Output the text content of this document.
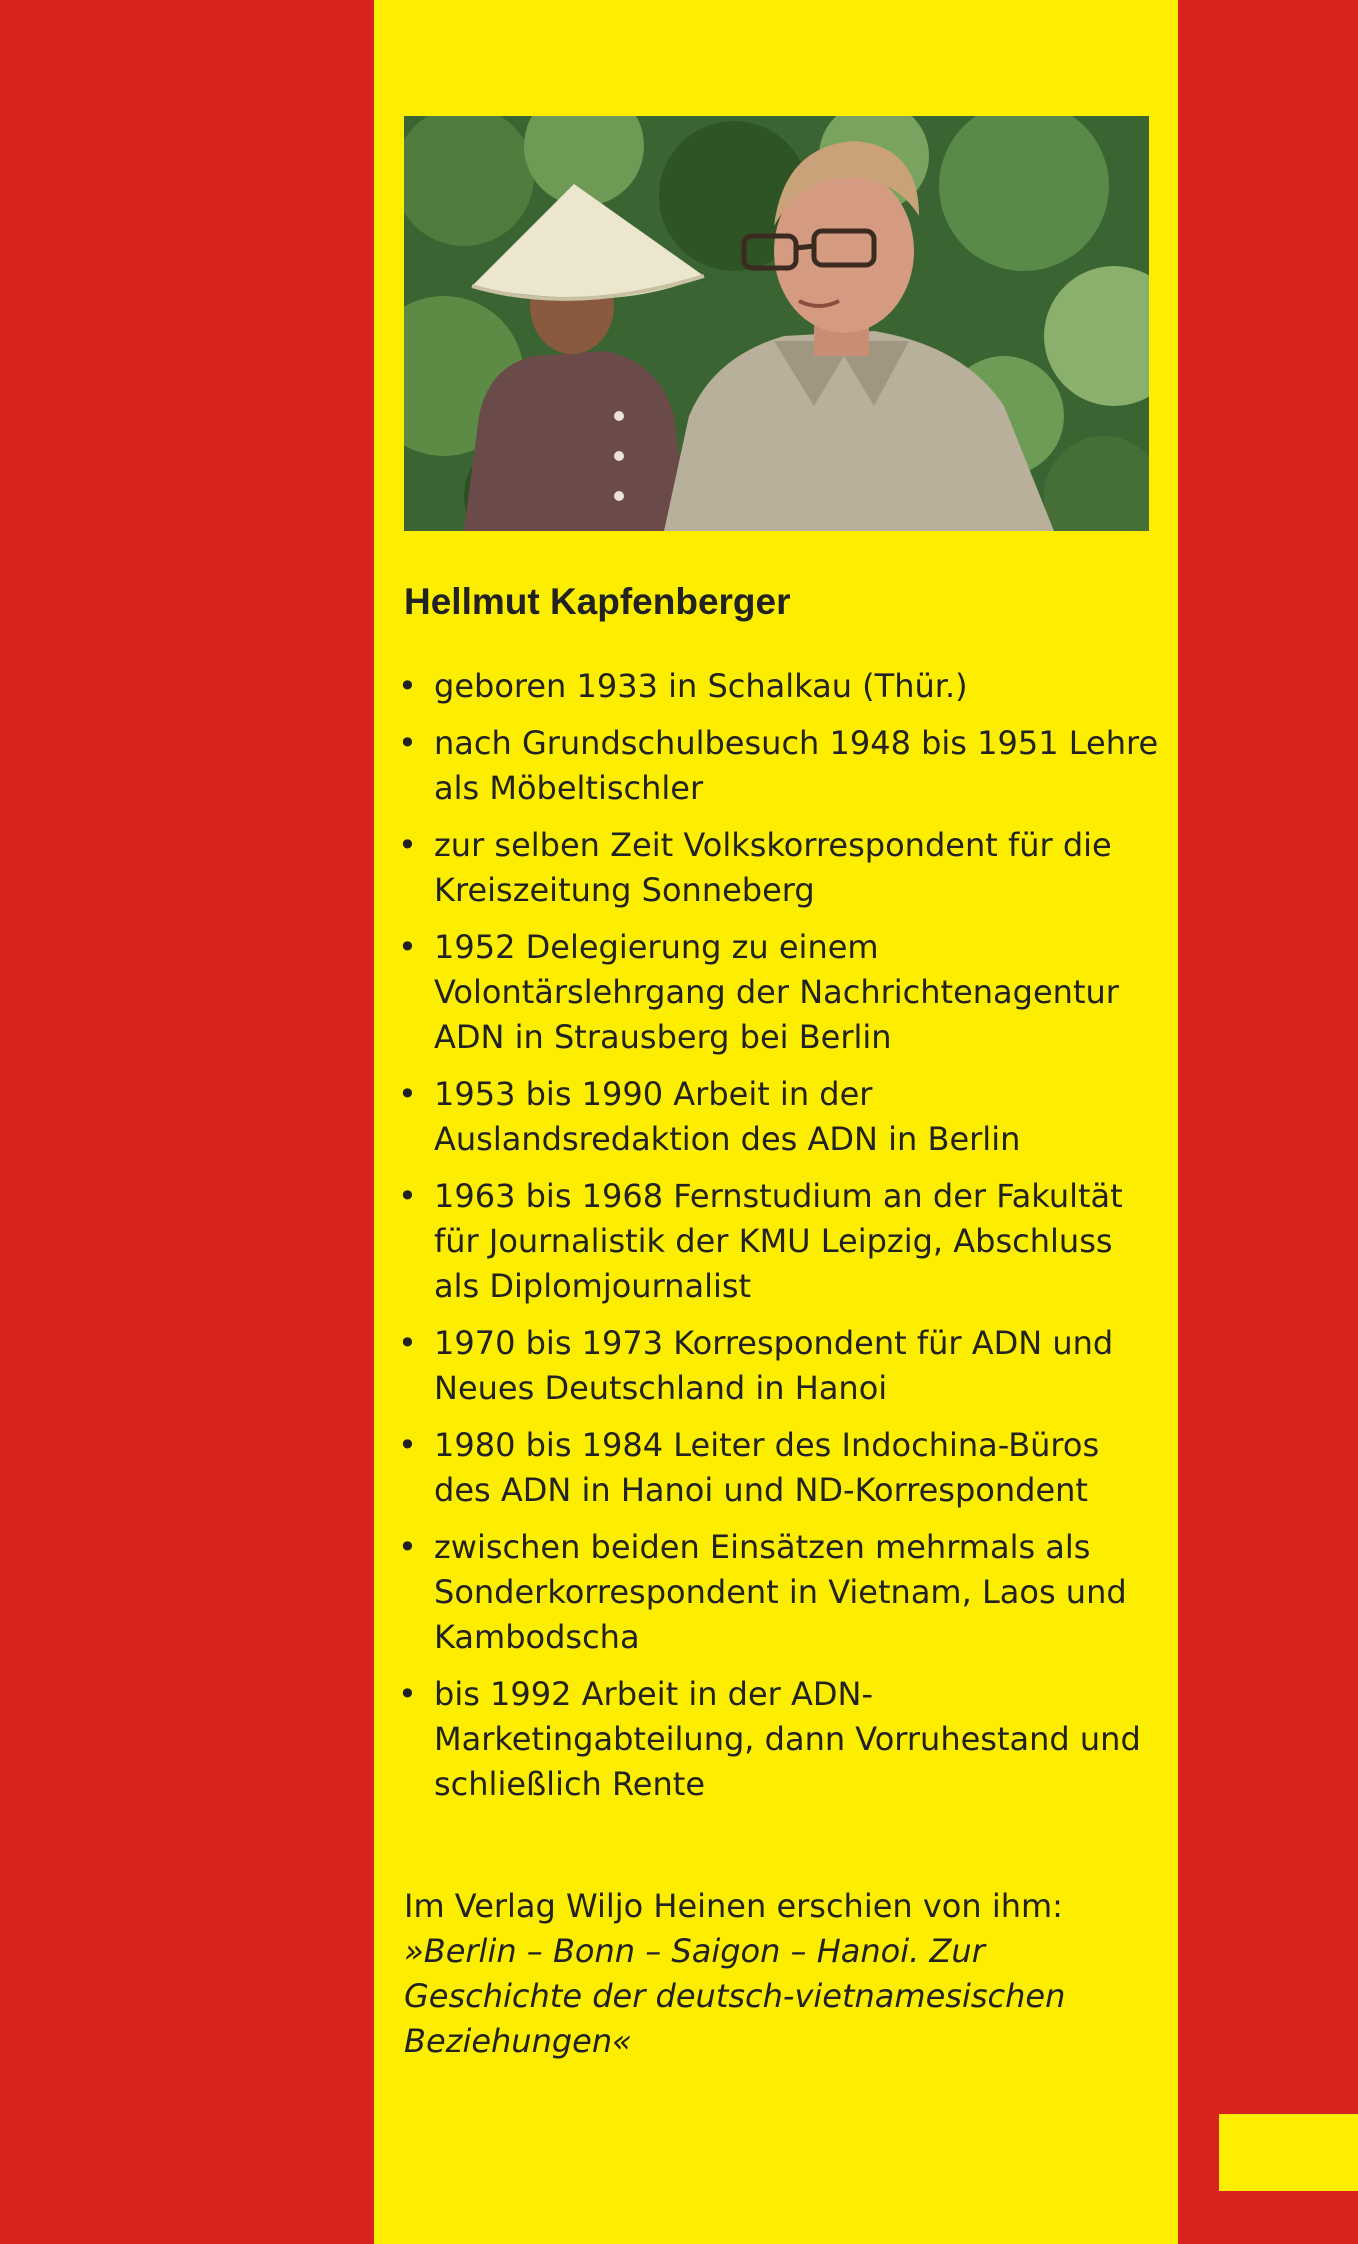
Hellmut Kapfenberger
• geboren 1933 in Schalkau (Thür.)
• nach Grundschulbesuch 1948 bis 1951 Lehre als Möbeltischler
• zur selben Zeit Volkskorrespondent für die Kreiszeitung Sonneberg
• 1952 Delegierung zu einem Volontärslehrgang der Nachrichtenagentur ADN in Strausberg bei Berlin
• 1953 bis 1990 Arbeit in der Auslandsredaktion des ADN in Berlin
• 1963 bis 1968 Fernstudium an der Fakultät für Journalistik der KMU Leipzig, Abschluss als Diplomjournalist
• 1970 bis 1973 Korrespondent für ADN und Neues Deutschland in Hanoi
• 1980 bis 1984 Leiter des Indochina-Büros des ADN in Hanoi und ND-Korrespondent
• zwischen beiden Einsätzen mehrmals als Sonderkorrespondent in Vietnam, Laos und Kambodscha
• bis 1992 Arbeit in der ADN-Marketingabteilung, dann Vorruhestand und schließlich Rente
Im Verlag Wiljo Heinen erschien von ihm:
»Berlin – Bonn – Saigon – Hanoi. Zur Geschichte der deutsch-vietnamesischen Beziehungen«
